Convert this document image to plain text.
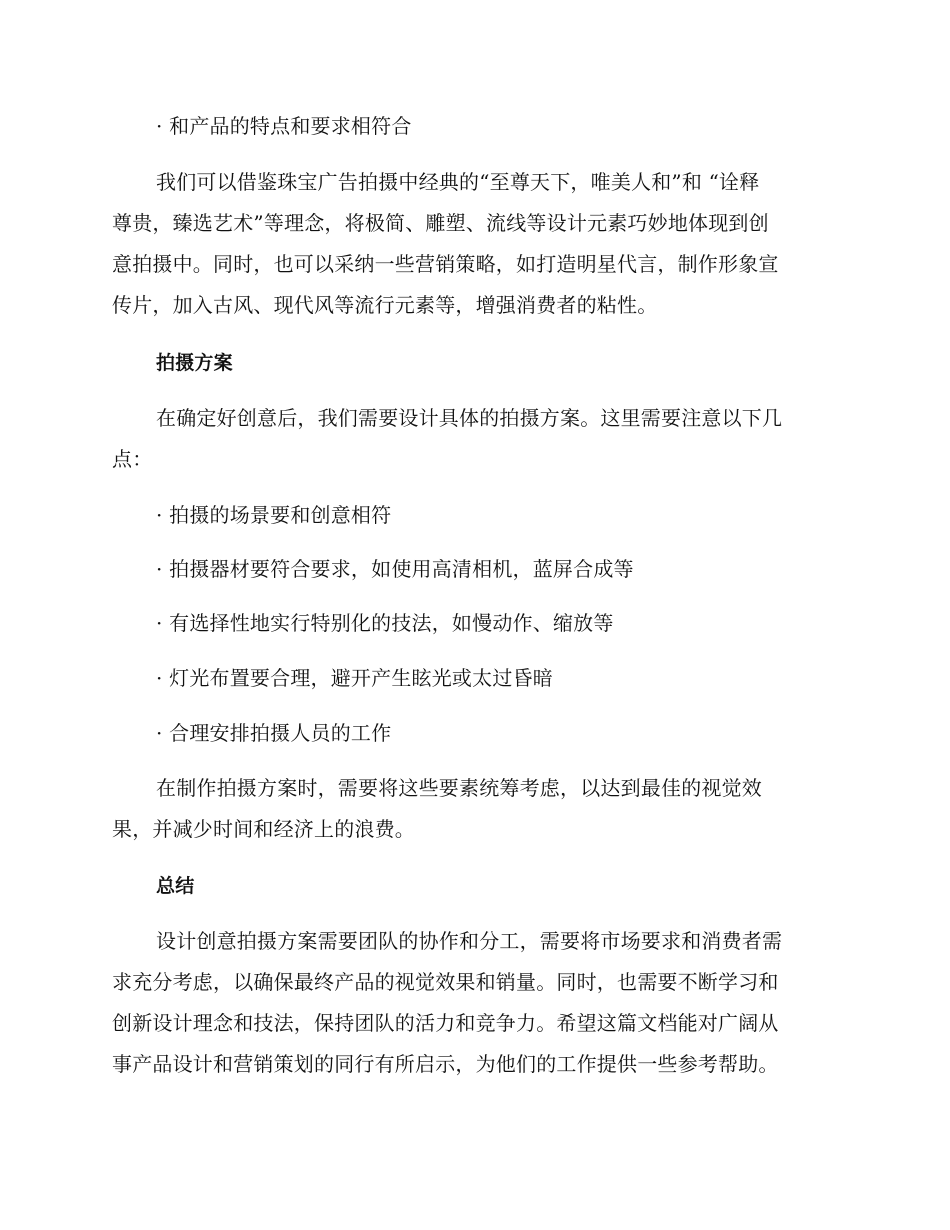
· 和产品的特点和要求相符合
我们可以借鉴珠宝广告拍摄中经典的“至尊天下，唯美人和”和 “诠释
尊贵，臻选艺术”等理念，将极简、雕塑、流线等设计元素巧妙地体现到创
意拍摄中。同时，也可以采纳一些营销策略，如打造明星代言，制作形象宣
传片，加入古风、现代风等流行元素等，增强消费者的粘性。
拍摄方案
在确定好创意后，我们需要设计具体的拍摄方案。这里需要注意以下几
点：
· 拍摄的场景要和创意相符
· 拍摄器材要符合要求，如使用高清相机，蓝屏合成等
· 有选择性地实行特别化的技法，如慢动作、缩放等
· 灯光布置要合理，避开产生眩光或太过昏暗
· 合理安排拍摄人员的工作
在制作拍摄方案时，需要将这些要素统筹考虑，以达到最佳的视觉效
果，并减少时间和经济上的浪费。
总结
设计创意拍摄方案需要团队的协作和分工，需要将市场要求和消费者需
求充分考虑，以确保最终产品的视觉效果和销量。同时，也需要不断学习和
创新设计理念和技法，保持团队的活力和竞争力。希望这篇文档能对广阔从
事产品设计和营销策划的同行有所启示，为他们的工作提供一些参考帮助。
